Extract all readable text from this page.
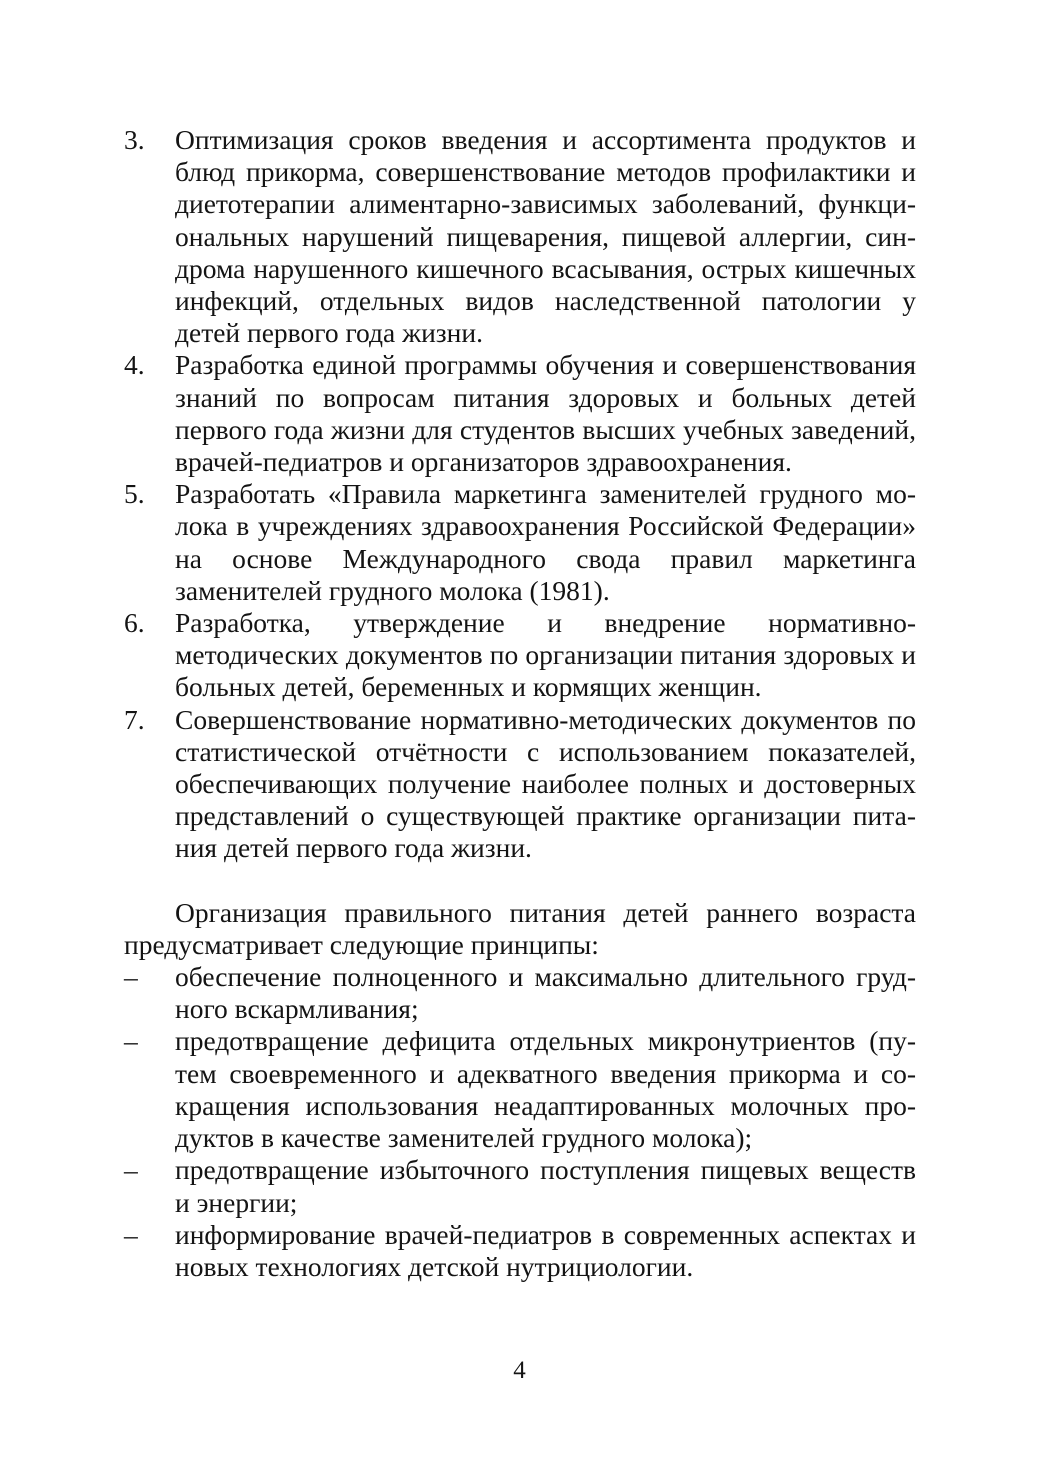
3.	Оптимизация сроков введения и ассортимента продуктов и блюд прикорма, совершенствование методов профилактики и диетотерапии алиментарно-зависимых заболеваний, функциональных нарушений пищеварения, пищевой аллергии, синдрома нарушенного кишечного всасывания, острых кишечных инфекций, отдельных видов наследственной патологии у детей первого года жизни.
4.	Разработка единой программы обучения и совершенствования знаний по вопросам питания здоровых и больных детей первого года жизни для студентов высших учебных заведений, врачей-педиатров и организаторов здравоохранения.
5.	Разработать «Правила маркетинга заменителей грудного молока в учреждениях здравоохранения Российской Федерации» на основе Международного свода правил маркетинга заменителей грудного молока (1981).
6.	Разработка, утверждение и внедрение нормативно-методических документов по организации питания здоровых и больных детей, беременных и кормящих женщин.
7.	Совершенствование нормативно-методических документов по статистической отчётности с использованием показателей, обеспечивающих получение наиболее полных и достоверных представлений о существующей практике организации питания детей первого года жизни.

Организация правильного питания детей раннего возраста предусматривает следующие принципы:

–	обеспечение полноценного и максимально длительного грудного вскармливания;
–	предотвращение дефицита отдельных микронутриентов (путем своевременного и адекватного введения прикорма и сокращения использования неадаптированных молочных продуктов в качестве заменителей грудного молока);
–	предотвращение избыточного поступления пищевых веществ и энергии;
–	информирование врачей-педиатров в современных аспектах и новых технологиях детской нутрициологии.
4
